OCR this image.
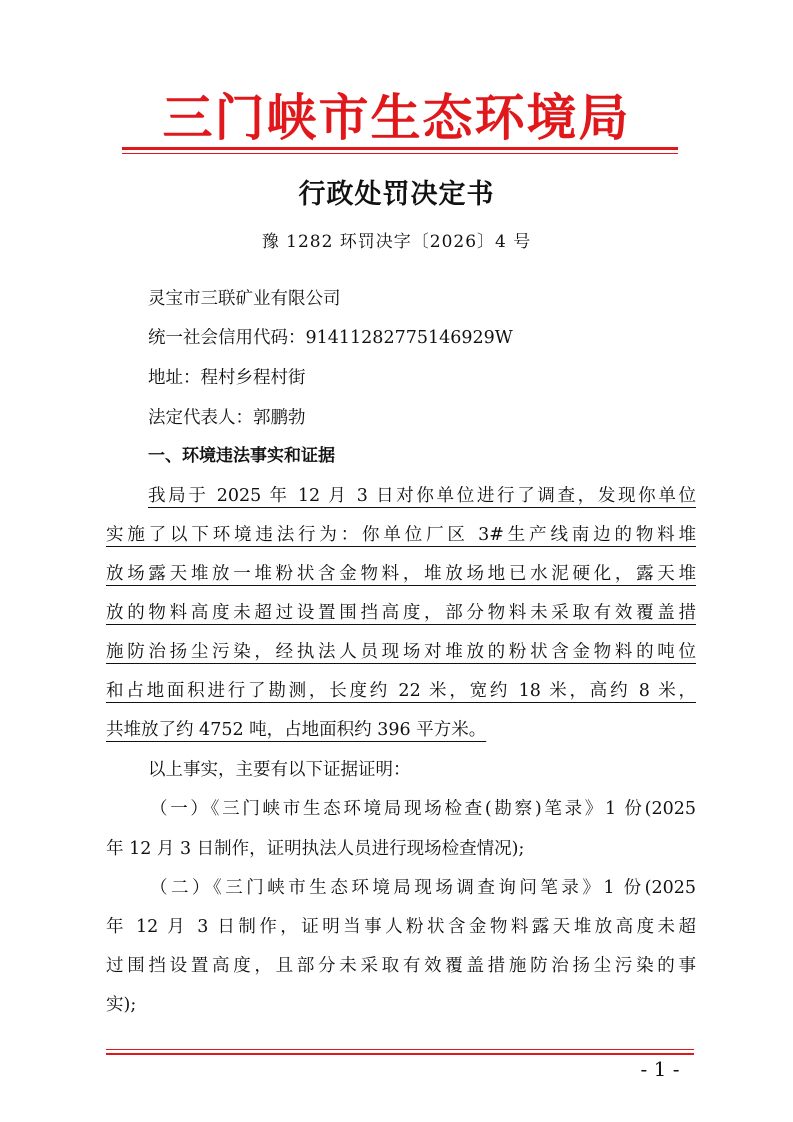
三门峡市生态环境局
行政处罚决定书
豫 1282 环罚决字〔2026〕4 号
灵宝市三联矿业有限公司
统一社会信用代码：91411282775146929W
地址：程村乡程村街
法定代表人：郭鹏勃
一、环境违法事实和证据
我局于 2025 年 12 月 3 日对你单位进行了调查，发现你单位
实施了以下环境违法行为：你单位厂区 3#生产线南边的物料堆
放场露天堆放一堆粉状含金物料，堆放场地已水泥硬化，露天堆
放的物料高度未超过设置围挡高度，部分物料未采取有效覆盖措
施防治扬尘污染，经执法人员现场对堆放的粉状含金物料的吨位
和占地面积进行了勘测，长度约 22 米，宽约 18 米，高约 8 米，
共堆放了约 4752 吨，占地面积约 396 平方米。
以上事实，主要有以下证据证明：
（一）《三门峡市生态环境局现场检查(勘察)笔录》1 份(2025
年 12 月 3 日制作，证明执法人员进行现场检查情况);
（二）《三门峡市生态环境局现场调查询问笔录》1 份(2025
年 12 月 3 日制作，证明当事人粉状含金物料露天堆放高度未超
过围挡设置高度，且部分未采取有效覆盖措施防治扬尘污染的事
实);
- 1 -
